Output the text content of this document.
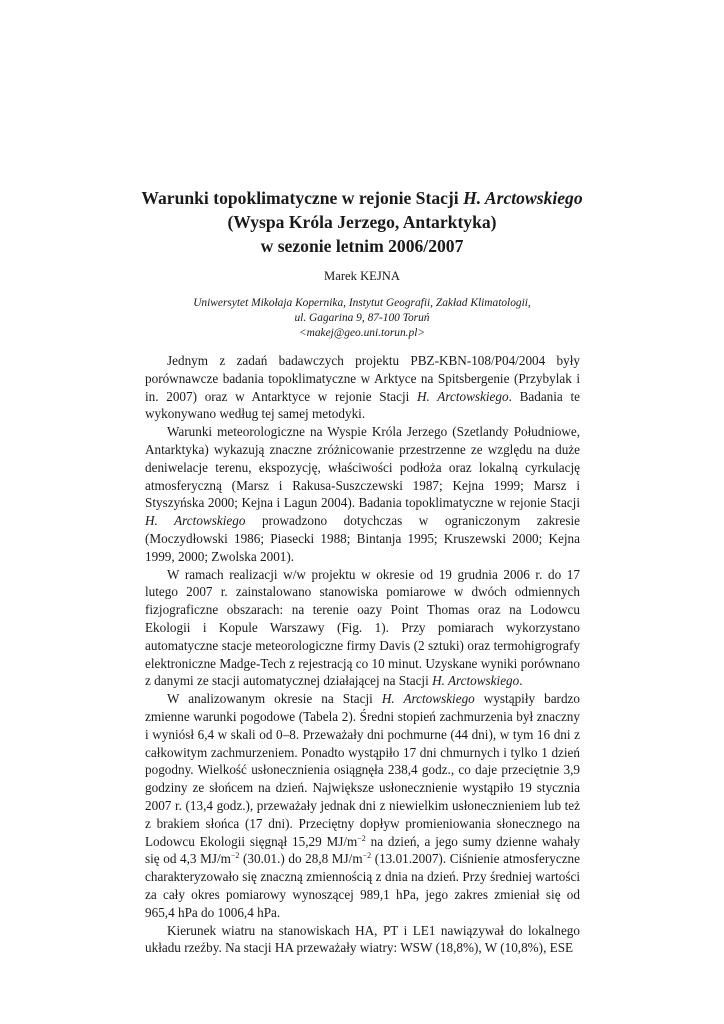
Warunki topoklimatyczne w rejonie Stacji H. Arctowskiego
(Wyspa Króla Jerzego, Antarktyka)
w sezonie letnim 2006/2007
Marek KEJNA
Uniwersytet Mikołaja Kopernika, Instytut Geografii, Zakład Klimatologii,
ul. Gagarina 9, 87-100 Toruń
<makej@geo.uni.torun.pl>

Jednym z zadań badawczych projektu PBZ-KBN-108/P04/2004 były porównawcze badania topoklimatyczne w Arktyce na Spitsbergenie (Przybylak i in. 2007) oraz w Antarktyce w rejonie Stacji H. Arctowskiego. Badania te wykonywano według tej samej metodyki.

Warunki meteorologiczne na Wyspie Króla Jerzego (Szetlandy Południowe, Antarktyka) wykazują znaczne zróżnicowanie przestrzenne ze względu na duże deniwelacje terenu, ekspozycję, właściwości podłoża oraz lokalną cyrkulację atmosferyczną (Marsz i Rakusa-Suszczewski 1987; Kejna 1999; Marsz i Styszyńska 2000; Kejna i Lagun 2004). Badania topoklimatyczne w rejonie Stacji H. Arctowskiego prowadzono dotychczas w ograniczonym zakresie (Moczydłowski 1986; Piasecki 1988; Bintanja 1995; Kruszewski 2000; Kejna 1999, 2000; Zwolska 2001).

W ramach realizacji w/w projektu w okresie od 19 grudnia 2006 r. do 17 lutego 2007 r. zainstalowano stanowiska pomiarowe w dwóch odmiennych fizjograficzne obszarach: na terenie oazy Point Thomas oraz na Lodowcu Ekologii i Kopule Warszawy (Fig. 1). Przy pomiarach wykorzystano automatyczne stacje meteorologiczne firmy Davis (2 sztuki) oraz termohigrografy elektroniczne Madge-Tech z rejestracją co 10 minut. Uzyskane wyniki porównano z danymi ze stacji automatycznej działającej na Stacji H. Arctowskiego.

W analizowanym okresie na Stacji H. Arctowskiego wystąpiły bardzo zmienne warunki pogodowe (Tabela 2). Średni stopień zachmurzenia był znaczny i wyniósł 6,4 w skali od 0–8. Przeważały dni pochmurne (44 dni), w tym 16 dni z całkowitym zachmurzeniem. Ponadto wystąpiło 17 dni chmurnych i tylko 1 dzień pogodny. Wielkość usłonecznienia osiągnęła 238,4 godz., co daje przeciętnie 3,9 godziny ze słońcem na dzień. Największe usłonecznienie wystąpiło 19 stycznia 2007 r. (13,4 godz.), przeważały jednak dni z niewielkim usłonecznieniem lub też z brakiem słońca (17 dni). Przeciętny dopływ promieniowania słonecznego na Lodowcu Ekologii sięgnął 15,29 $MJ/m^{-2}$ na dzień, a jego sumy dzienne wahały się od 4,3 $MJ/m^{-2}$ (30.01.) do 28,8 $MJ/m^{-2}$ (13.01.2007). Ciśnienie atmosferyczne charakteryzowało się znaczną zmiennością z dnia na dzień. Przy średniej wartości za cały okres pomiarowy wynoszącej 989,1 hPa, jego zakres zmieniał się od 965,4 hPa do 1006,4 hPa.

Kierunek wiatru na stanowiskach HA, PT i LE1 nawiązywał do lokalnego układu rzeźby. Na stacji HA przeważały wiatry: WSW (18,8%), W (10,8%), ESE
